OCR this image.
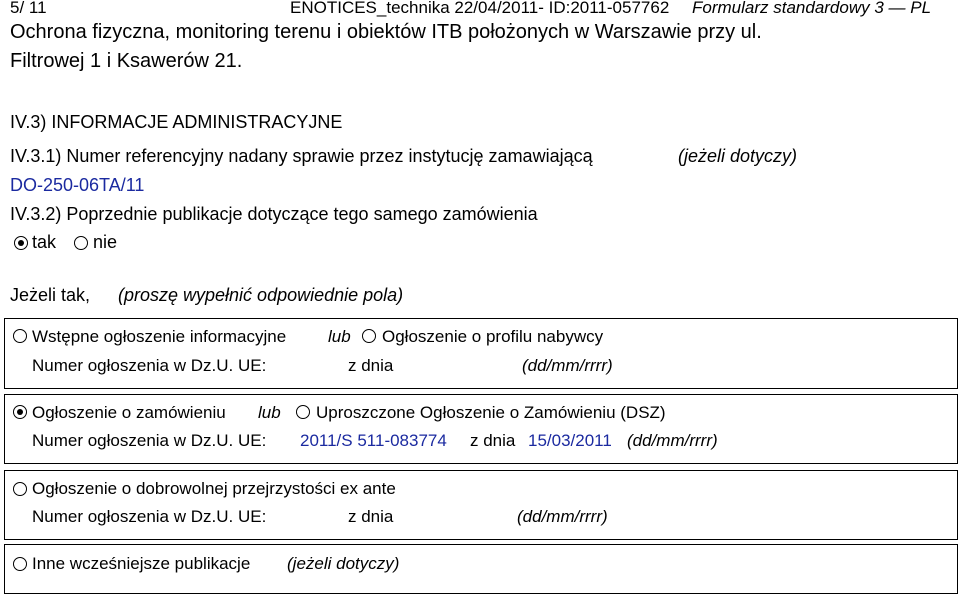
5/ 11	ENOTICES_technika 22/04/2011- ID:2011-057762 Formularz standardowy 3 — PL
Ochrona fizyczna, monitoring terenu i obiektów ITB położonych w Warszawie przy ul.
Filtrowej 1 i Ksawerów 21.
IV.3) INFORMACJE ADMINISTRACYJNE
IV.3.1) Numer referencyjny nadany sprawie przez instytucję zamawiającą	(jeżeli dotyczy)
DO-250-06TA/11
IV.3.2) Poprzednie publikacje dotyczące tego samego zamówienia
tak nie
Jeżeli tak, (proszę wypełnić odpowiednie pola)
Wstępne ogłoszenie informacyjne lub Ogłoszenie o profilu nabywcy
Numer ogłoszenia w Dz.U. UE:	z dnia	(dd/mm/rrrr)
Ogłoszenie o zamówieniu lub Uproszczone Ogłoszenie o Zamówieniu (DSZ)
Numer ogłoszenia w Dz.U. UE: 2011/S 511-083774 z dnia 15/03/2011 (dd/mm/rrrr)
Ogłoszenie o dobrowolnej przejrzystości ex ante
Numer ogłoszenia w Dz.U. UE:	z dnia	(dd/mm/rrrr)
Inne wcześniejsze publikacje (jeżeli dotyczy)
